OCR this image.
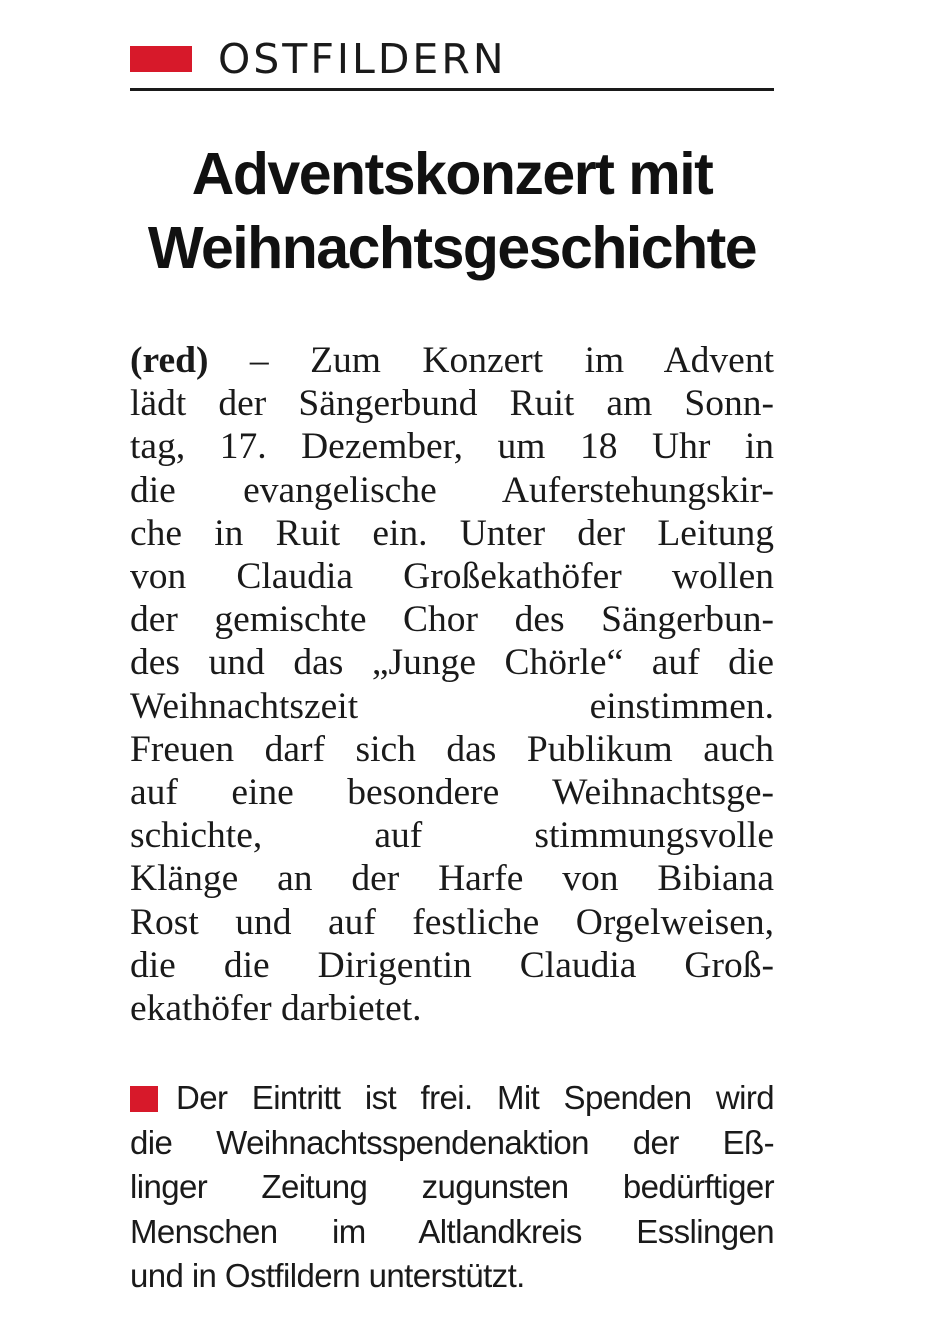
OSTFILDERN
Adventskonzert mit
Weihnachtsgeschichte
(red) – Zum Konzert im Advent
lädt der Sängerbund Ruit am Sonn-
tag, 17. Dezember, um 18 Uhr in
die evangelische Auferstehungskir-
che in Ruit ein. Unter der Leitung
von Claudia Großekathöfer wollen
der gemischte Chor des Sängerbun-
des und das „Junge Chörle“ auf die
Weihnachtszeit einstimmen.
Freuen darf sich das Publikum auch
auf eine besondere Weihnachtsge-
schichte, auf stimmungsvolle
Klänge an der Harfe von Bibiana
Rost und auf festliche Orgelweisen,
die die Dirigentin Claudia Groß-
ekathöfer darbietet.
Der Eintritt ist frei. Mit Spenden wird
die Weihnachtsspendenaktion der Eß-
linger Zeitung zugunsten bedürftiger
Menschen im Altlandkreis Esslingen
und in Ostfildern unterstützt.
